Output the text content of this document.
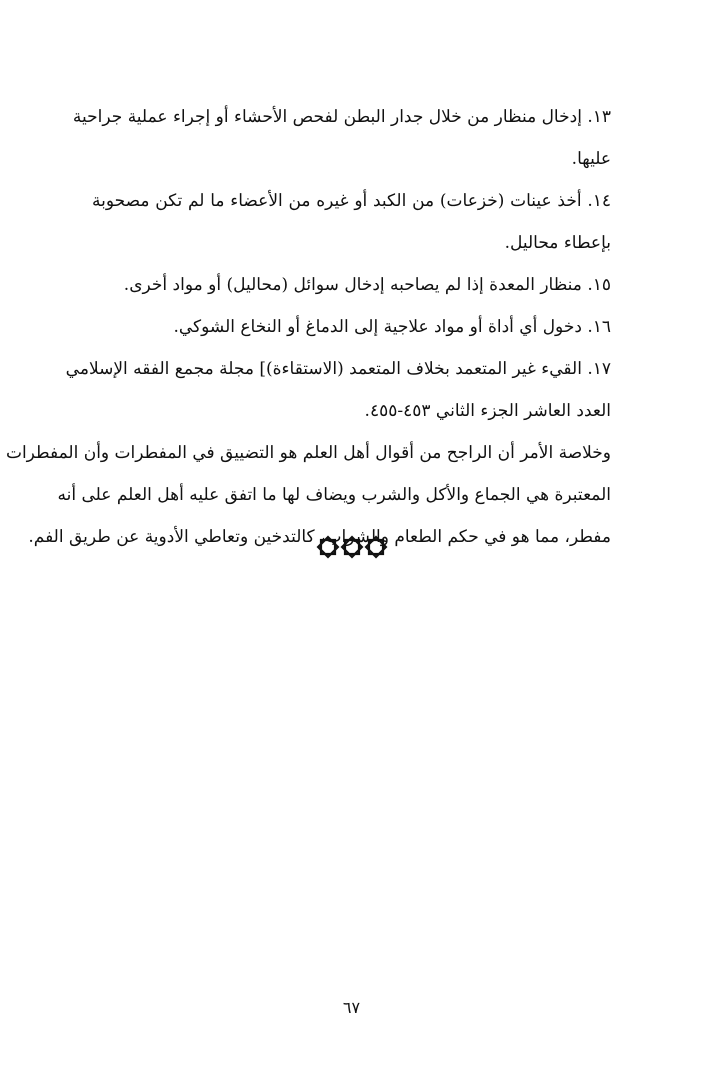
١٣. إدخال منظار من خلال جدار البطن لفحص الأحشاء أو إجراء عملية جراحية
عليها.
١٤. أخذ عينات (خزعات) من الكبد أو غيره من الأعضاء ما لم تكن مصحوبة
بإعطاء محاليل.
١٥. منظار المعدة إذا لم يصاحبه إدخال سوائل (محاليل) أو مواد أخرى.
١٦. دخول أي أداة أو مواد علاجية إلى الدماغ أو النخاع الشوكي.
١٧. القيء غير المتعمد بخلاف المتعمد (الاستقاءة)] مجلة مجمع الفقه الإسلامي
العدد العاشر الجزء الثاني ٤٥٣-٤٥٥.
وخلاصة الأمر أن الراجح من أقوال أهل العلم هو التضييق في المفطرات وأن المفطرات
المعتبرة هي الجماع والأكل والشرب ويضاف لها ما اتفق عليه أهل العلم على أنه
مفطر، مما هو في حكم الطعام والشراب، كالتدخين وتعاطي الأدوية عن طريق الفم.
٦٧
